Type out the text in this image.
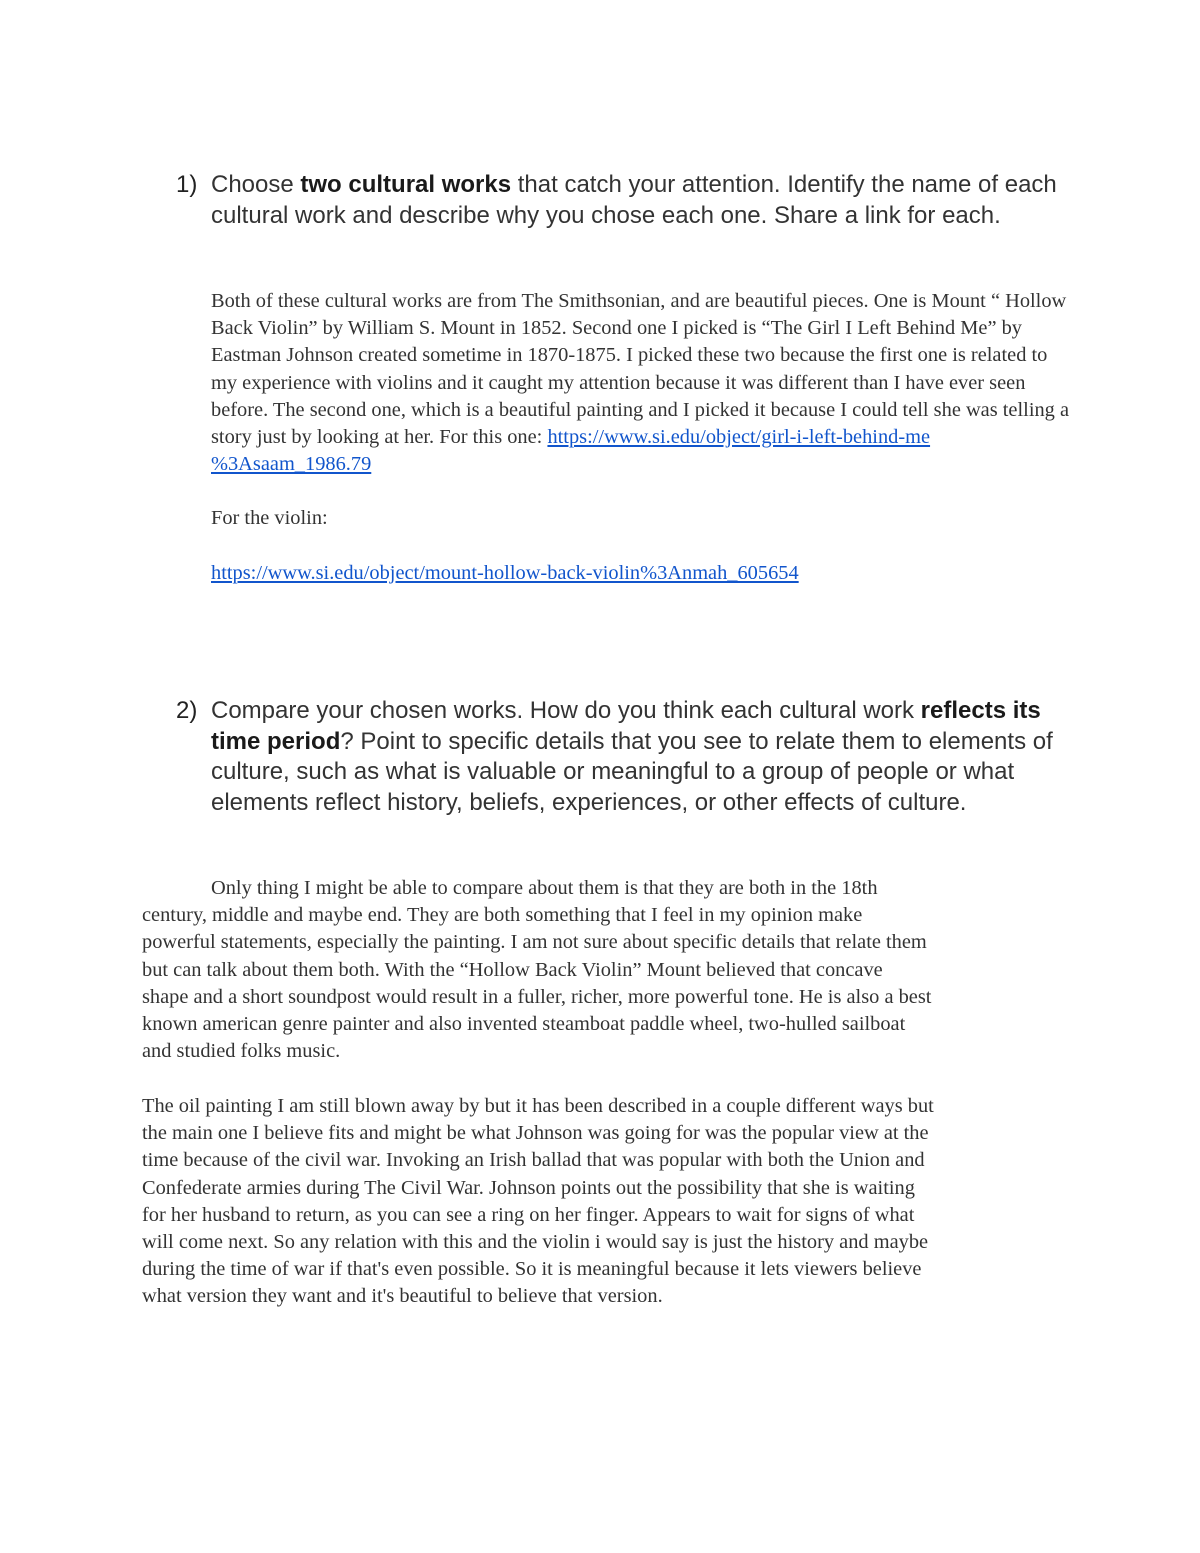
1) Choose two cultural works that catch your attention. Identify the name of each cultural work and describe why you chose each one. Share a link for each.

Both of these cultural works are from The Smithsonian, and are beautiful pieces. One is Mount “ Hollow Back Violin” by William S. Mount in 1852. Second one I picked is “The Girl I Left Behind Me” by Eastman Johnson created sometime in 1870-1875. I picked these two because the first one is related to my experience with violins and it caught my attention because it was different than I have ever seen before. The second one, which is a beautiful painting and I picked it because I could tell she was telling a story just by looking at her. For this one: https://www.si.edu/object/girl-i-left-behind-me
%3Asaam_1986.79

For the violin:

https://www.si.edu/object/mount-hollow-back-violin%3Anmah_605654

2) Compare your chosen works. How do you think each cultural work reflects its time period? Point to specific details that you see to relate them to elements of culture, such as what is valuable or meaningful to a group of people or what elements reflect history, beliefs, experiences, or other effects of culture.
Only thing I might be able to compare about them is that they are both in the 18th
century, middle and maybe end. They are both something that I feel in my opinion make
powerful statements, especially the painting. I am not sure about specific details that relate them
but can talk about them both. With the “Hollow Back Violin” Mount believed that concave
shape and a short soundpost would result in a fuller, richer, more powerful tone. He is also a best
known american genre painter and also invented steamboat paddle wheel, two-hulled sailboat
and studied folks music.
The oil painting I am still blown away by but it has been described in a couple different ways but
the main one I believe fits and might be what Johnson was going for was the popular view at the
time because of the civil war. Invoking an Irish ballad that was popular with both the Union and
Confederate armies during The Civil War. Johnson points out the possibility that she is waiting
for her husband to return, as you can see a ring on her finger. Appears to wait for signs of what
will come next. So any relation with this and the violin i would say is just the history and maybe
during the time of war if that's even possible. So it is meaningful because it lets viewers believe
what version they want and it's beautiful to believe that version.
